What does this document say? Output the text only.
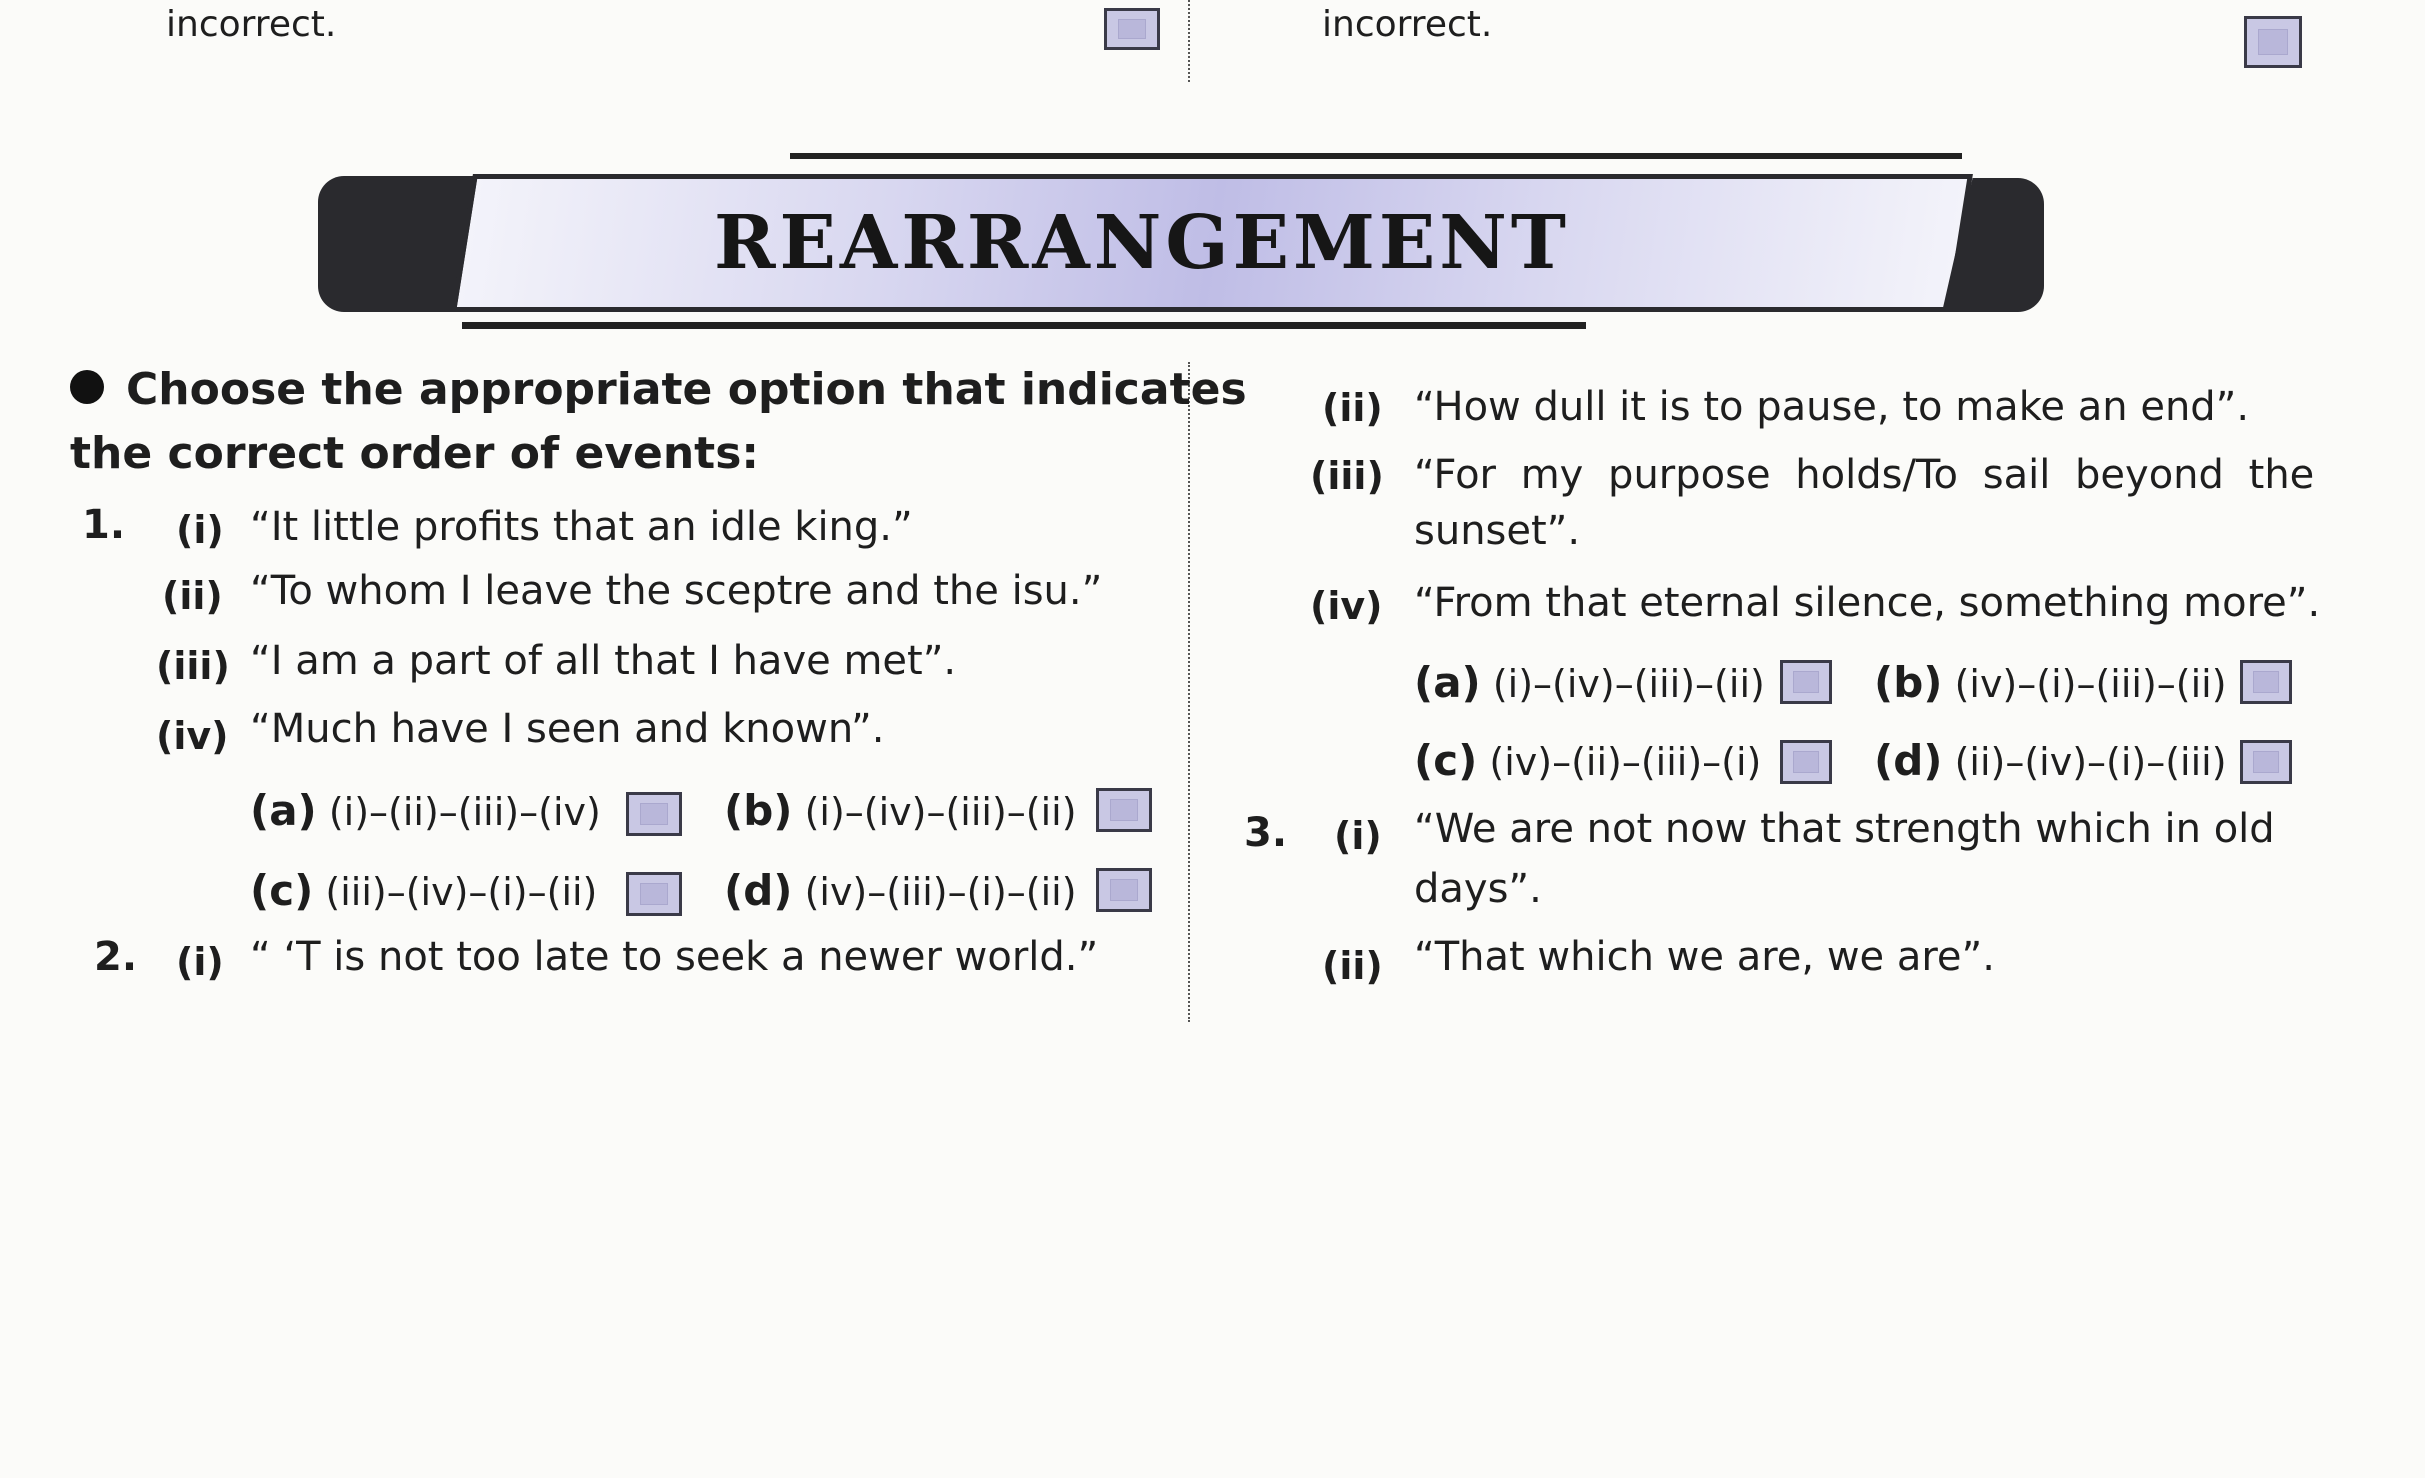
incorrect.	incorrect.
REARRANGEMENT
Choose the appropriate option that indicates
the correct order of events:
1. (i) “It little profits that an idle king.”
(ii) “To whom I leave the sceptre and the isu.”
(iii) “I am a part of all that I have met”.
(iv) “Much have I seen and known”.
(a) (i)–(ii)–(iii)–(iv)	(b) (i)–(iv)–(iii)–(ii)
(c) (iii)–(iv)–(i)–(ii)	(d) (iv)–(iii)–(i)–(ii)
2. (i) “ ‘T is not too late to seek a newer world.”
(ii) “How dull it is to pause, to make an end”.
(iii) “For my purpose holds/To sail beyond the
sunset”.
(iv) “From that eternal silence, something more”.
(a) (i)–(iv)–(iii)–(ii)	(b) (iv)–(i)–(iii)–(ii)
(c) (iv)–(ii)–(iii)–(i)	(d) (ii)–(iv)–(i)–(iii)
3. (i) “We are not now that strength which in old
days”.
(ii) “That which we are, we are”.
